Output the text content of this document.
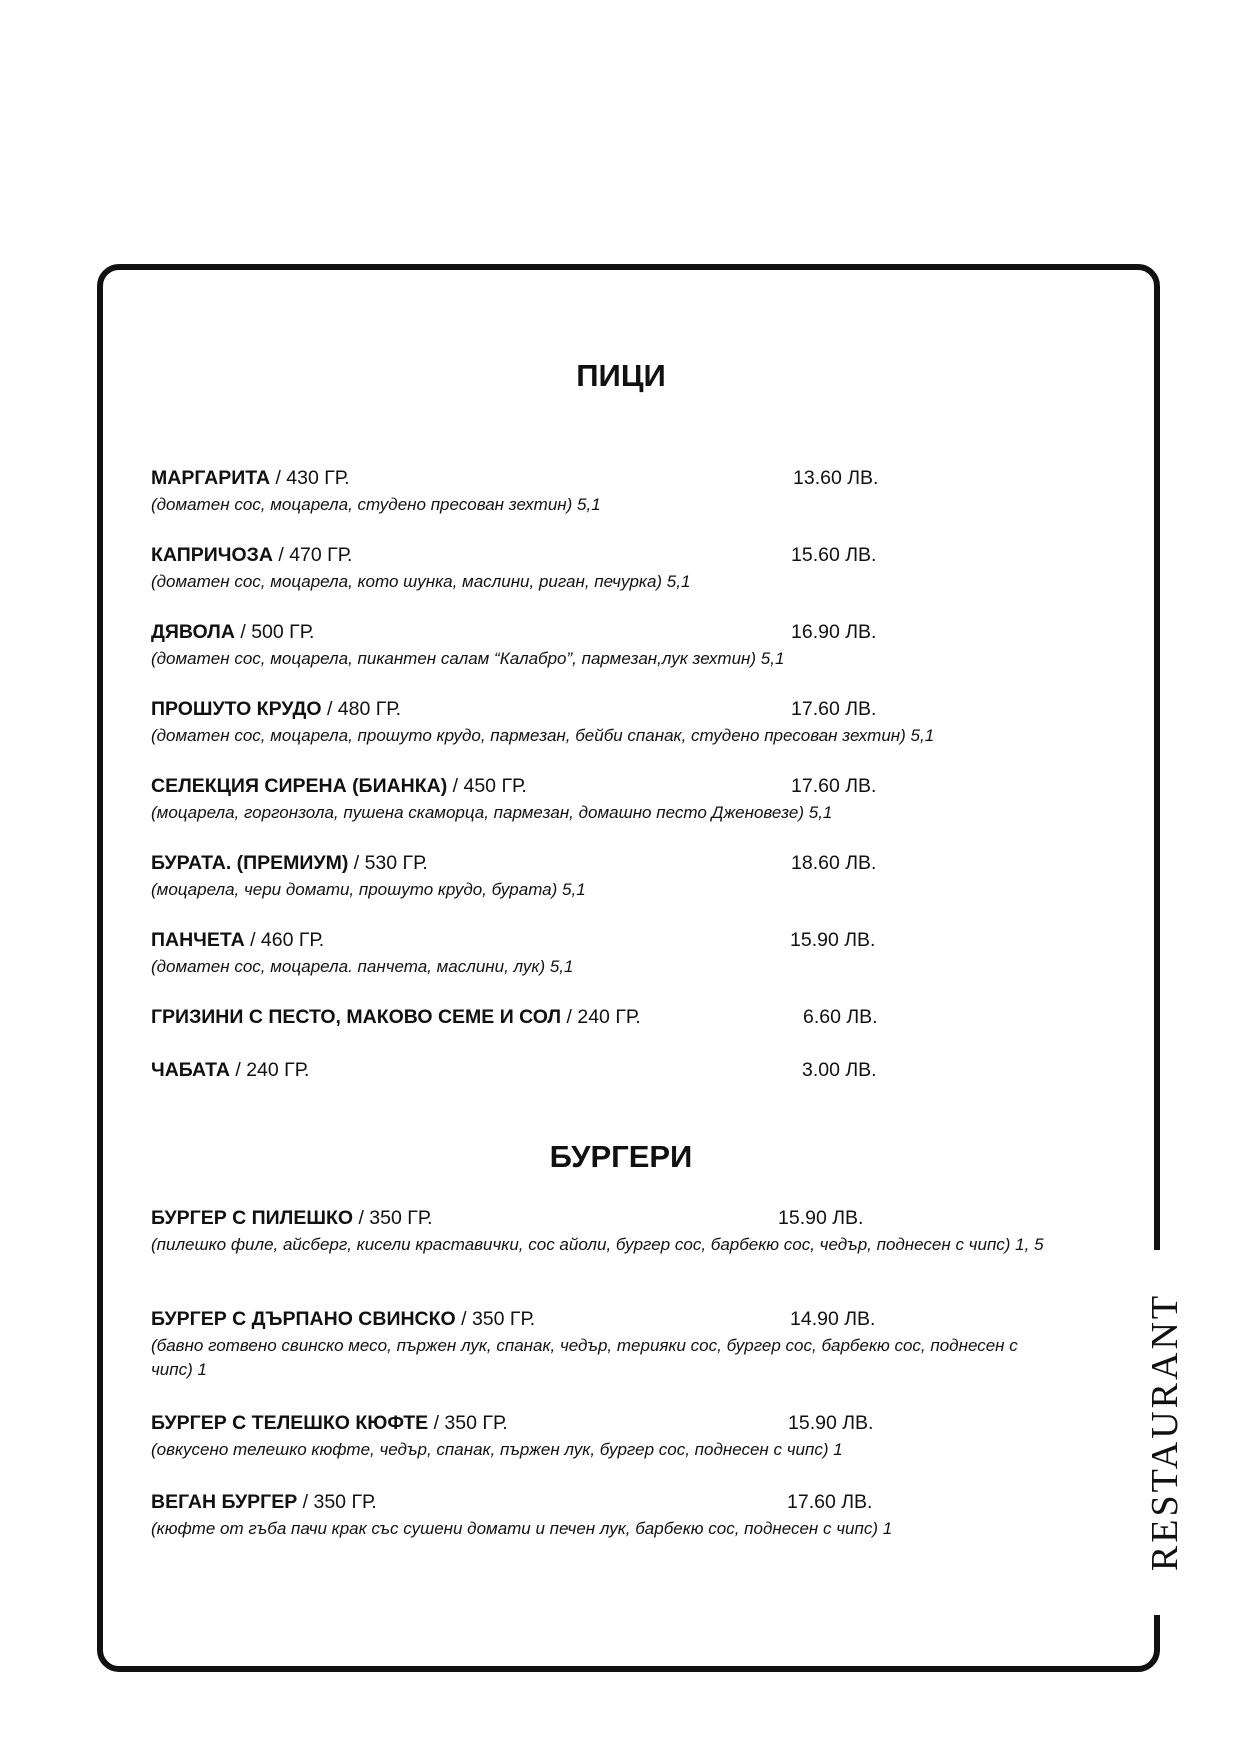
RESTAURANT
ПИЦИ
МАРГАРИТА / 430 ГР.	13.60 ЛВ.
(доматен сос, моцарела, студено пресован зехтин) 5,1
КАПРИЧОЗА / 470 ГР.	15.60 ЛВ.
(доматен сос, моцарела, кото шунка, маслини, риган, печурка) 5,1
ДЯВОЛА / 500 ГР.	16.90 ЛВ.
(доматен сос, моцарела, пикантен салам “Калабро”, пармезан,лук зехтин) 5,1
ПРОШУТО КРУДО / 480 ГР.	17.60 ЛВ.
(доматен сос, моцарела, прошуто крудо, пармезан, бейби спанак, студено пресован зехтин) 5,1
СЕЛЕКЦИЯ СИРЕНА (БИАНКА) / 450 ГР.	17.60 ЛВ.
(моцарела, горгонзола, пушена скаморца, пармезан, домашно песто Дженовезе) 5,1
БУРАТА. (ПРЕМИУМ) / 530 ГР.	18.60 ЛВ.
(моцарела, чери домати, прошуто крудо, бурата) 5,1
ПАНЧЕТА / 460 ГР.	15.90 ЛВ.
(доматен сос, моцарела. панчета, маслини, лук) 5,1
ГРИЗИНИ С ПЕСТО, МАКОВО СЕМЕ И СОЛ / 240 ГР.	6.60 ЛВ.
ЧАБАТА / 240 ГР.	3.00 ЛВ.
БУРГЕРИ
БУРГЕР С ПИЛЕШКО / 350 ГР.	15.90 ЛВ.
(пилешко филе, айсберг, кисели краставички, сос айоли, бургер сос, барбекю сос, чедър, поднесен с чипс) 1, 5
БУРГЕР С ДЪРПАНО СВИНСКО / 350 ГР.	14.90 ЛВ.
(бавно готвено свинско месо, пържен лук, спанак, чедър, терияки сос, бургер сос, барбекю сос, поднесен с чипс) 1
БУРГЕР С ТЕЛЕШКО КЮФТЕ / 350 ГР.	15.90 ЛВ.
(овкусено телешко кюфте, чедър, спанак, пържен лук, бургер сос, поднесен с чипс) 1
ВЕГАН БУРГЕР / 350 ГР.	17.60 ЛВ.
(кюфте от гъба пачи крак със сушени домати и печен лук, барбекю сос, поднесен с чипс) 1
